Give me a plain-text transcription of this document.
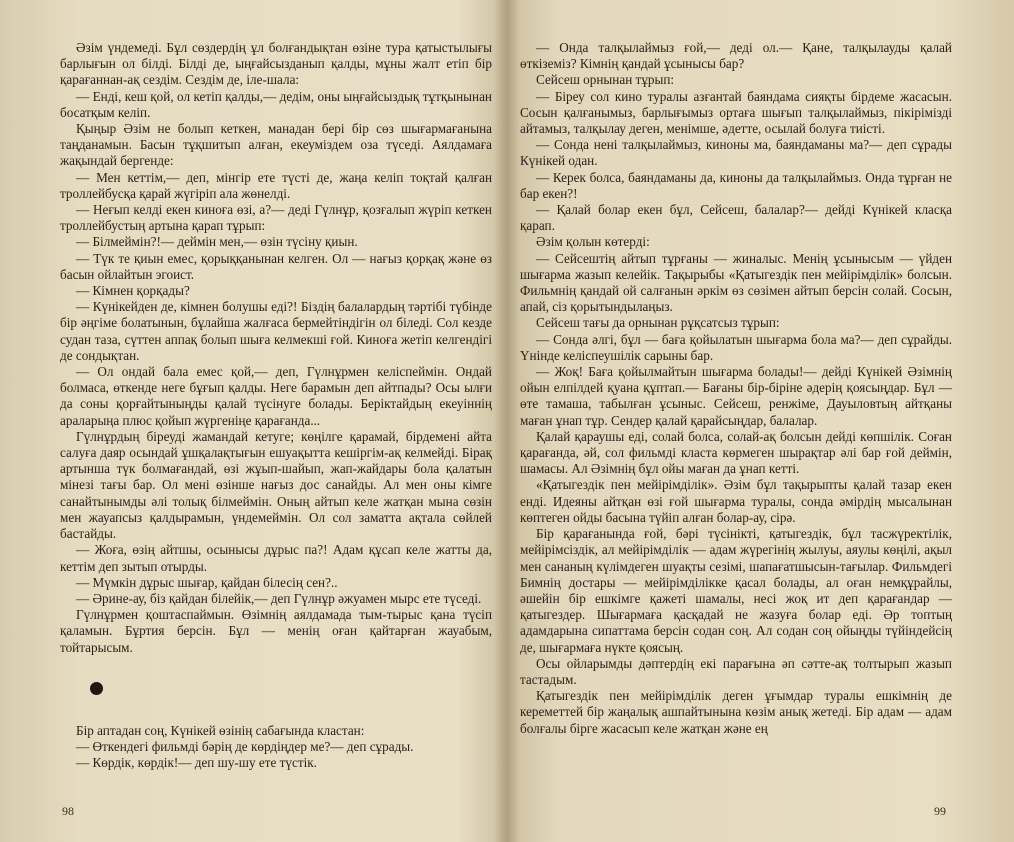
Әзім үндемеді. Бұл сөздердің ұл болғандықтан өзіне тура қатыстылығы барлығын ол білді. Білді де, ыңғайсызданып қалды, мұны жалт етіп бір қарағаннан-ақ сездім. Сездім де, іле-шала:

— Енді, кеш қой, ол кетіп қалды,— дедім, оны ыңғайсыздық тұтқынынан босатқым келіп.

Қыңыр Әзім не болып кеткен, манадан бері бір сөз шығармағанына таңданамын. Басын тұқшитып алған, екеуміздем оза түседі. Аялдамаға жақындай бергенде:

— Мен кеттім,— деп, мінгір ете түсті де, жаңа келіп тоқтай қалған троллейбусқа қарай жүгіріп ала жөнелді.

— Неғып келді екен киноға өзі, а?— деді Гүлнұр, қозғалып жүріп кеткен троллейбустың артына қарап тұрып:

— Білмеймін?!— деймін мен,— өзін түсіну қиын.

— Түк те қиын емес, қорыққанынан келген. Ол — нағыз қорқақ және өз басын ойлайтын эгоист.

— Кімнен қорқады?

— Күнікейден де, кімнен болушы еді?! Біздің балалардың тәртібі түбінде бір әңгіме болатынын, бұлайша жалғаса бермейтіндігін ол біледі. Сол кезде судан таза, сүттен аппақ болып шыға келмекші ғой. Киноға жетіп келгендігі де сондықтан.

— Ол ондай бала емес қой,— деп, Гүлнұрмен келіспеймін. Ондай болмаса, өткенде неге бұғып қалды. Неге барамын деп айтпады? Осы ылғи да соны қорғайтыныңды қалай түсінуге болады. Беріктайдың екеуіннің араларыңа плюс қойып жүргеніңе қарағанда...

Гүлнұрдың біреуді жамандай кетуге; көңілге қарамай, бірдемені айта салуға даяр осындай ұшқалақтығын ешуақытта кешіргім-ақ келмейді. Бірақ артынша түк болмағандай, өзі жұып-шайып, жап-жайдары бола қалатын мінезі тағы бар. Ол мені өзінше нағыз дос санайды. Ал мен оны кімге санайтынымды әлі толық білмеймін. Оның айтып келе жатқан мына сөзін мен жауапсыз қалдырамын, үндемеймін. Ол сол заматта ақтала сөйлей бастайды.

— Жоға, өзің айтшы, осынысы дұрыс па?! Адам құсап келе жатты да, кеттім деп зытып отырды.

— Мүмкін дұрыс шығар, қайдан білесің сен?..

— Әрине-ау, біз қайдан білейік,— деп Гүлнұр әжуамен мырс ете түседі.

Гүлнұрмен қоштаспаймын. Өзімнің аялдамада тым-тырыс қана түсіп қаламын. Бұртия берсін. Бұл — менің оған қайтарған жауабым, тойтарысым.

Бір аптадан соң, Күнікей өзінің сабағында кластан:

— Өткендегі фильмді бәрің де көрдіңдер ме?— деп сұрады.

— Көрдік, көрдік!— деп шу-шу ете түстік.

— Онда талқылаймыз ғой,— деді ол.— Қане, талқылауды қалай өткіземіз? Кімнің қандай ұсынысы бар?

Сейсеш орнынан тұрып:

— Біреу сол кино туралы азғантай баяндама сияқты бірдеме жасасын. Сосын қалғанымыз, барлығымыз ортаға шығып талқылаймыз, пікірімізді айтамыз, талқылау деген, менімше, әдетте, осылай болуға тиісті.

— Сонда нені талқылаймыз, киноны ма, баяндаманы ма?— деп сұрады Күнікей одан.

— Керек болса, баяндаманы да, киноны да талқылаймыз. Онда тұрған не бар екен?!

— Қалай болар екен бұл, Сейсеш, балалар?— дейді Күнікей класқа қарап.

Әзім қолын көтерді:

— Сейсештің айтып тұрғаны — жиналыс. Менің ұсынысым — үйден шығарма жазып келейік. Тақырыбы «Қатыгездік пен мейірімділік» болсын. Фильмнің қандай ой салғанын әркім өз сөзімен айтып берсін солай. Сосын, апай, сіз қорытындылаңыз.

Сейсеш тағы да орнынан рұқсатсыз тұрып:

— Сонда әлгі, бұл — баға қойылатын шығарма бола ма?— деп сұрайды. Үнінде келіспеушілік сарыны бар.

— Жоқ! Баға қойылмайтын шығарма болады!— дейді Күнікей Әзімнің ойын елпілдей қуана құптап.— Бағаны бір-біріне әдерің қоясыңдар. Бұл — өте тамаша, табылған ұсыныс. Сейсеш, ренжіме, Дауыловтың айтқаны маған ұнап тұр. Сендер қалай қарайсыңдар, балалар.

Қалай қараушы еді, солай болса, солай-ақ болсын дейді көпшілік. Соған қарағанда, әй, сол фильмді класта көрмеген шырақтар әлі бар ғой деймін, шамасы. Ал Әзімнің бұл ойы маған да ұнап кетті.

«Қатыгездік пен мейірімділік». Әзім бұл тақырыпты қалай тазар екен енді. Идеяны айтқан өзі ғой шығарма туралы, сонда әмірдің мысалынан көптеген ойды басына түйіп алған болар-ау, сірә.

Бір қарағанында ғой, бәрі түсінікті, қатыгездік, бұл тасжүректілік, мейірімсіздік, ал мейірімділік — адам жүрегінің жылуы, аяулы көңілі, ақыл мен сананың күлімдеген шуақты сезімі, шапағатшысын-тағылар. Фильмдегі Бимнің достары — мейірімділікке қасал болады, ал оған немқұрайлы, әшейін бір ешкімге қажеті шамалы, несі жоқ ит деп қарағандар — қатыгездер. Шығармаға қасқадай не жазуға болар еді. Әр топтың адамдарына сипаттама берсін содан соң. Ал содан соң ойыңды түйіндейсің де, шығармаға нүкте қоясың.

Осы ойларымды дәптердің екі парағына әп сәтте-ақ толтырып жазып тастадым.

Қатыгездік пен мейірімділік деген ұғымдар туралы ешкімнің де кереметтей бір жаңалық ашпайтынына көзім анық жетеді. Бір адам — адам болғалы бірге жасасып келе жатқан және ең

98	99
